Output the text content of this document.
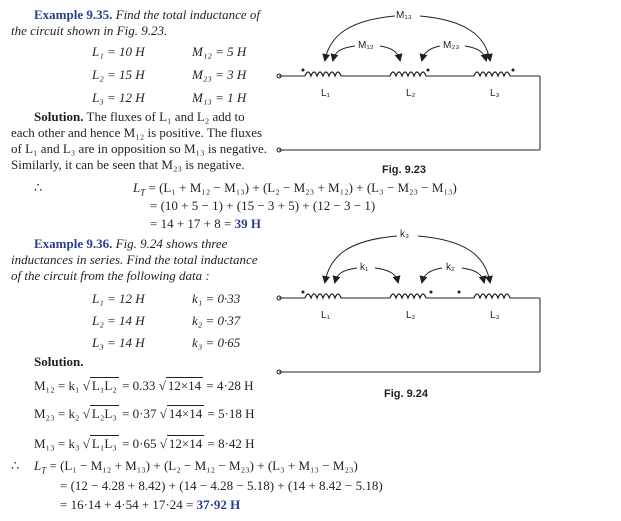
Example 9.35. Find the total inductance of
the circuit shown in Fig. 9.23.
L₁ = 10 H	M₁₂ = 5 H
L₂ = 15 H	M₂₃ = 3 H
L₃ = 12 H	M₁₃ = 1 H
Solution. The fluxes of L₁ and L₂ add to
each other and hence M₁₂ is positive. The fluxes
of L₁ and L₃ are in opposition so M₁₃ is negative.
Similarly, it can be seen that M₂₃ is negative.
∴	$L_T = (L_1 + M_{12} - M_{13}) + (L_2 - M_{23} + M_{12}) + (L_3 - M_{23} - M_{13})$
= (10 + 5 − 1) + (15 − 3 + 5) + (12 − 3 − 1)
= 14 + 17 + 8 = 39 H
M₁₃
M₁₂	M₂₃
L₁	L₂	L₃
Fig. 9.23
Example 9.36. Fig. 9.24 shows three
inductances in series. Find the total inductance
of the circuit from the following data :
L₁ = 12 H	k₁ = 0·33
L₂ = 14 H	k₂ = 0·37
L₃ = 14 H	k₃ = 0·65
Solution.
M₁₂ = k₁ √ L₁L₂ = 0.33 √ 12×14 = 4·28 H
M₂₃ = k₂ √ L₂L₃ = 0·37 √ 14×14 = 5·18 H
M₁₃ = k₃ √ L₁L₃ = 0·65 √ 12×14 = 8·42 H
∴ $L_T = (L_1 - M_{12} + M_{13}) + (L_2 - M_{12} - M_{23}) + (L_3 + M_{13} - M_{23})$
= (12 − 4.28 + 8.42) + (14 − 4.28 − 5.18) + (14 + 8.42 − 5.18)
= 16·14 + 4·54 + 17·24 = 37·92 H
k₃
k₁	k₂
L₁	L₂	L₃
Fig. 9.24
